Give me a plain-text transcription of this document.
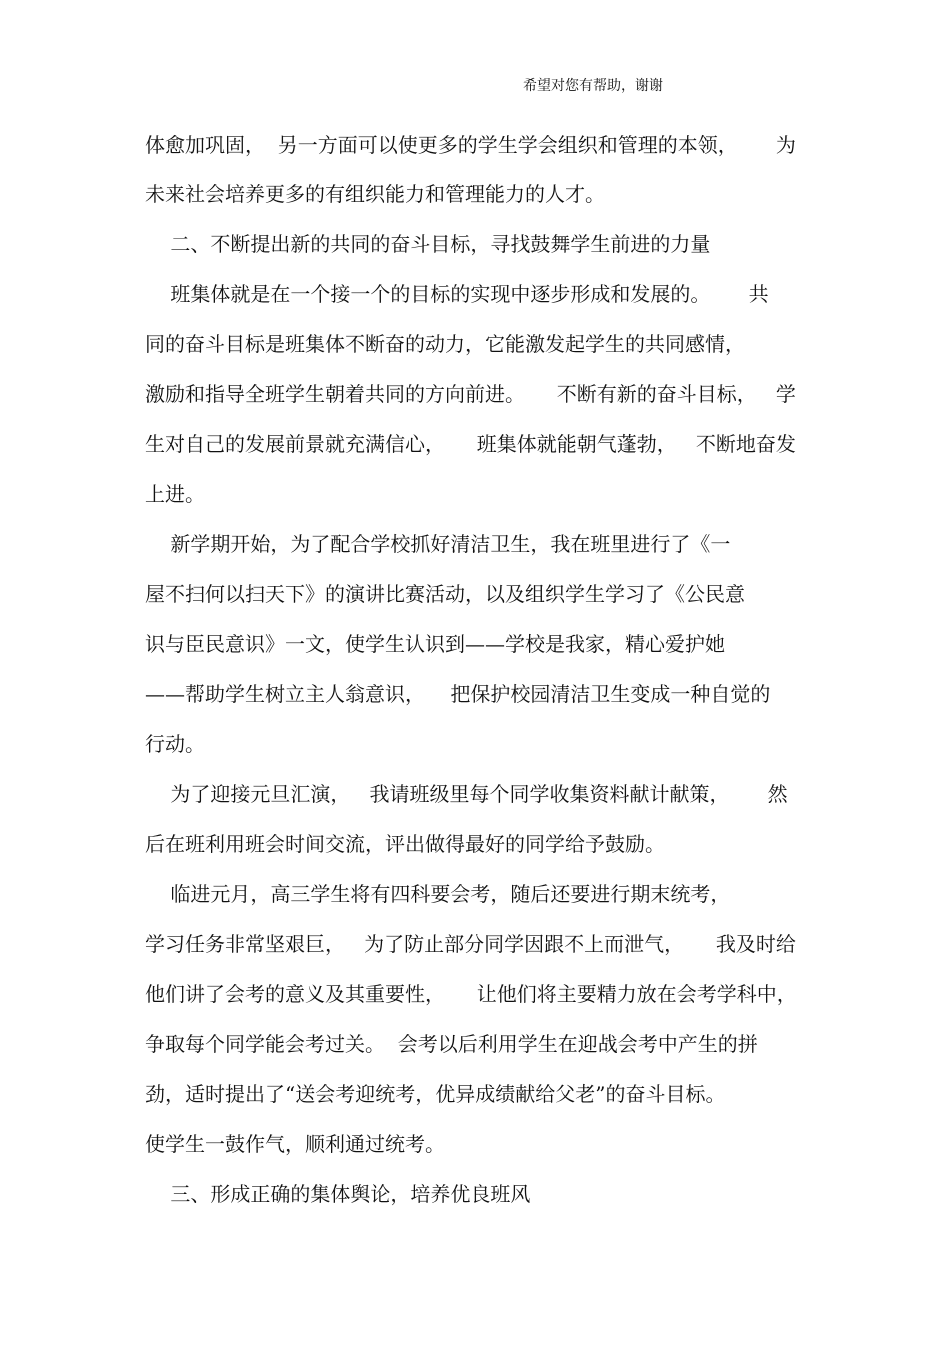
希望对您有帮助，谢谢
体愈加巩固，  另一方面可以使更多的学生学会组织和管理的本领，      为
未来社会培养更多的有组织能力和管理能力的人才。
二、不断提出新的共同的奋斗目标，寻找鼓舞学生前进的力量
班集体就是在一个接一个的目标的实现中逐步形成和发展的。      共
同的奋斗目标是班集体不断奋的动力，它能激发起学生的共同感情，
激励和指导全班学生朝着共同的方向前进。     不断有新的奋斗目标，   学
生对自己的发展前景就充满信心，     班集体就能朝气蓬勃，   不断地奋发
上进。
新学期开始，为了配合学校抓好清洁卫生，我在班里进行了《一
屋不扫何以扫天下》的演讲比赛活动，以及组织学生学习了《公民意
识与臣民意识》一文，使学生认识到——学校是我家，精心爱护她
——帮助学生树立主人翁意识，    把保护校园清洁卫生变成一种自觉的
行动。
为了迎接元旦汇演，   我请班级里每个同学收集资料献计献策，      然
后在班利用班会时间交流，评出做得最好的同学给予鼓励。
临进元月，高三学生将有四科要会考，随后还要进行期末统考，
学习任务非常坚艰巨，   为了防止部分同学因跟不上而泄气，     我及时给
他们讲了会考的意义及其重要性，     让他们将主要精力放在会考学科中，
争取每个同学能会考过关。  会考以后利用学生在迎战会考中产生的拼
劲，适时提出了“送会考迎统考，优异成绩献给父老”的奋斗目标。
使学生一鼓作气，顺利通过统考。
三、形成正确的集体舆论，培养优良班风
